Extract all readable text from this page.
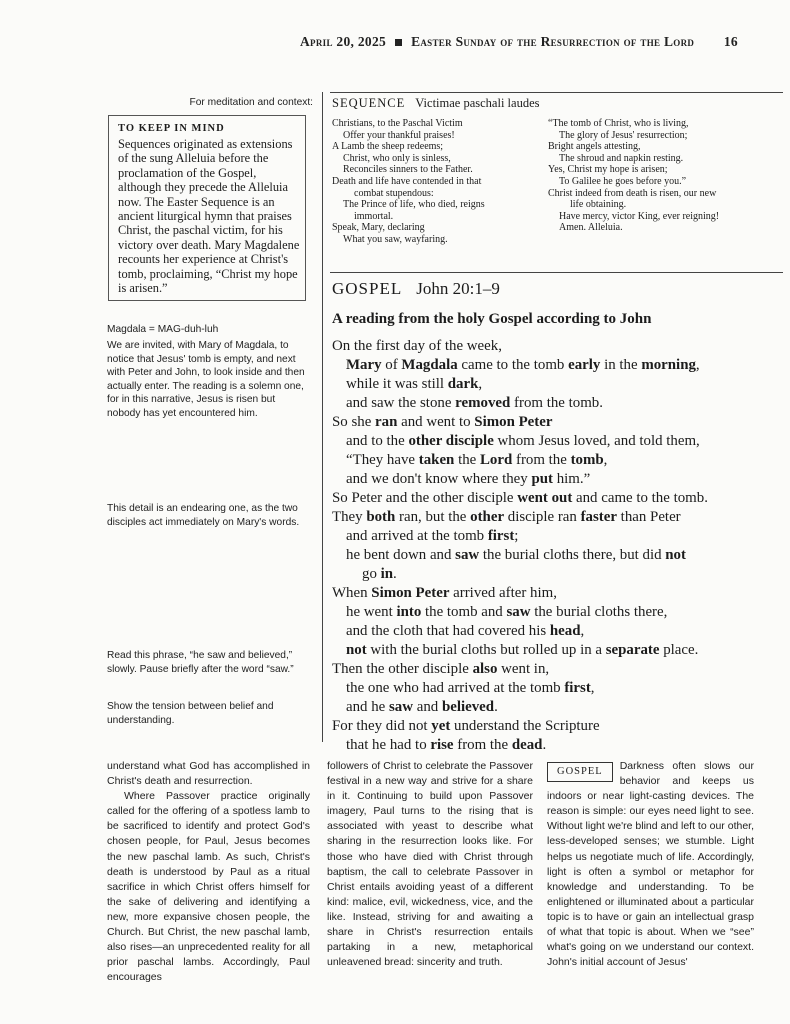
April 20, 2025 Easter Sunday of the Resurrection of the Lord 16
For meditation and context:
TO KEEP IN MIND
Sequences originated as extensions of the sung Alleluia before the proclamation of the Gospel, although they precede the Alleluia now. The Easter Sequence is an ancient liturgical hymn that praises Christ, the paschal victim, for his victory over death. Mary Magdalene recounts her experience at Christ's tomb, proclaiming, “Christ my hope is arisen.”
Magdala = MAG-duh-luh
We are invited, with Mary of Magdala, to notice that Jesus' tomb is empty, and next with Peter and John, to look inside and then actually enter. The reading is a solemn one, for in this narrative, Jesus is risen but nobody has yet encountered him.
This detail is an endearing one, as the two disciples act immediately on Mary's words.
Read this phrase, “he saw and believed,” slowly. Pause briefly after the word “saw.”
Show the tension between belief and understanding.
SEQUENCE Victimae paschali laudes
Christians, to the Paschal Victim
Offer your thankful praises!
A Lamb the sheep redeems;
Christ, who only is sinless,
Reconciles sinners to the Father.
Death and life have contended in that
combat stupendous:
The Prince of life, who died, reigns
immortal.
Speak, Mary, declaring
What you saw, wayfaring.
“The tomb of Christ, who is living,
The glory of Jesus' resurrection;
Bright angels attesting,
The shroud and napkin resting.
Yes, Christ my hope is arisen;
To Galilee he goes before you.”
Christ indeed from death is risen, our new
life obtaining.
Have mercy, victor King, ever reigning!
Amen. Alleluia.
GOSPEL John 20:1–9
A reading from the holy Gospel according to John
On the first day of the week,
Mary of Magdala came to the tomb early in the morning,
while it was still dark,
and saw the stone removed from the tomb.
So she ran and went to Simon Peter
and to the other disciple whom Jesus loved, and told them,
“They have taken the Lord from the tomb,
and we don't know where they put him.”
So Peter and the other disciple went out and came to the tomb.
They both ran, but the other disciple ran faster than Peter
and arrived at the tomb first;
he bent down and saw the burial cloths there, but did not
go in.
When Simon Peter arrived after him,
he went into the tomb and saw the burial cloths there,
and the cloth that had covered his head,
not with the burial cloths but rolled up in a separate place.
Then the other disciple also went in,
the one who had arrived at the tomb first,
and he saw and believed.
For they did not yet understand the Scripture
that he had to rise from the dead.
understand what God has accomplished in Christ's death and resurrection.
Where Passover practice originally called for the offering of a spotless lamb to be sacrificed to identify and protect God's chosen people, for Paul, Jesus becomes the new paschal lamb. As such, Christ's death is understood by Paul as a ritual sacrifice in which Christ offers himself for the sake of delivering and identifying a new, more expansive chosen people, the Church. But Christ, the new paschal lamb, also rises—an unprecedented reality for all prior paschal lambs. Accordingly, Paul encourages
followers of Christ to celebrate the Passover festival in a new way and strive for a share in it. Continuing to build upon Passover imagery, Paul turns to the rising that is associated with yeast to describe what sharing in the resurrection looks like. For those who have died with Christ through baptism, the call to celebrate Passover in Christ entails avoiding yeast of a different kind: malice, evil, wickedness, vice, and the like. Instead, striving for and awaiting a share in Christ's resurrection entails partaking in a new, metaphorical unleavened bread: sincerity and truth.
GOSPEL	Darkness often slows our behavior and keeps us indoors or near light-casting devices. The reason is simple: our eyes need light to see. Without light we're blind and left to our other, less-developed senses; we stumble. Light helps us negotiate much of life. Accordingly, light is often a symbol or metaphor for knowledge and understanding. To be enlightened or illuminated about a particular topic is to have or gain an intellectual grasp of what that topic is about. When we “see” what's going on we understand our context. John's initial account of Jesus'
